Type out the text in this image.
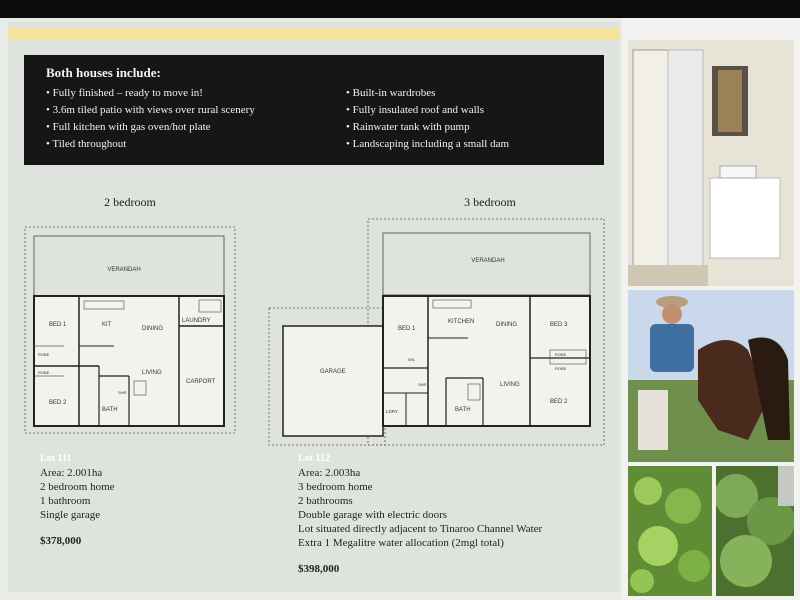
Both houses include:
• Fully finished – ready to move in!
• 3.6m tiled patio with views over rural scenery
• Full kitchen with gas oven/hot plate
• Tiled throughout
• Built-in wardrobes
• Fully insulated roof and walls
• Rainwater tank with pump
• Landscaping including a small dam
2 bedroom	3 bedroom
VERANDAH
BED 1	KIT
DINING
LAUNDRY
LIVING
CARPORT
BED 2
BATH
ROBE
ROBE
SHR
VERANDAH
BED 1
KITCHEN	DINING	BED 3
GARAGE
LIVING
BED 2
BATH
LDRY
ROBE
ROBE
WIL
SHR
Lot 111
Area: 2.001ha
2 bedroom home
1 bathroom
Single garage
$378,000
Lot 112
Area: 2.003ha
3 bedroom home
2 bathrooms
Double garage with electric doors
Lot situated directly adjacent to Tinaroo Channel Water
Extra 1 Megalitre water allocation (2mgl total)
$398,000
